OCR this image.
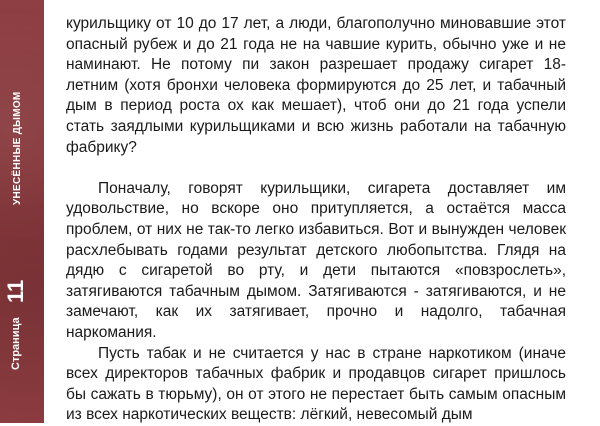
УНЕСЁННЫЕ ДЫМОМ
11
Страница

курильщику от 10 до 17 лет, а люди, благополучно миновавшие этот опасный рубеж и до 21 года не на чавшие курить, обычно уже и не наминают. Не потому пи закон разрешает продажу сигарет 18-летним (хотя бронхи человека формируются до 25 лет, и табачный дым в период роста ох как мешает), чтоб они до 21 года успели стать заядлыми курильщиками и всю жизнь работали на табачную фабрику?

Поначалу, говорят курильщики, сигарета доставляет им удовольствие, но вскоре оно притупляется, а остаётся масса проблем, от них не так-то легко избавиться. Вот и вынужден человек расхлебывать годами результат детского любопытства. Глядя на дядю с сигаретой во рту, и дети пытаются «повзрослеть», затягиваются табачным дымом. Затягиваются - затягиваются, и не замечают, как их затягивает, прочно и надолго, табачная наркомания.

Пусть табак и не считается у нас в стране наркотиком (иначе всех директоров табачных фабрик и продавцов сигарет пришлось бы сажать в тюрьму), он от этого не перестает быть самым опасным из всех наркотических веществ: лёгкий, невесомый дым
